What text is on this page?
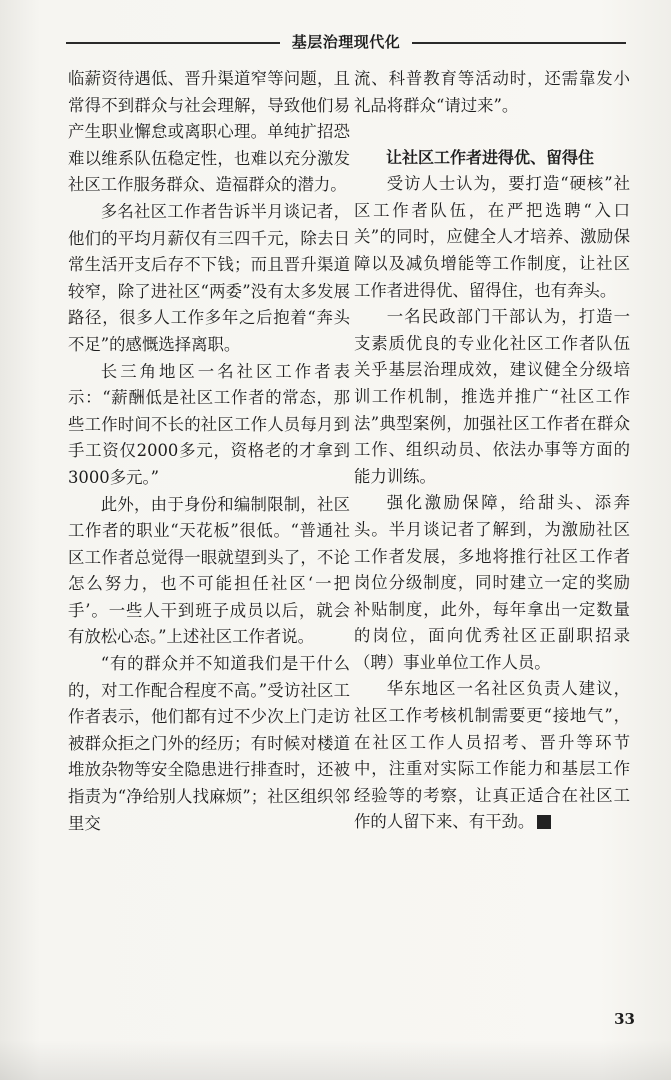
基层治理现代化

临薪资待遇低、晋升渠道窄等问题，且常得不到群众与社会理解，导致他们易产生职业懈怠或离职心理。单纯扩招恐难以维系队伍稳定性，也难以充分激发社区工作服务群众、造福群众的潜力。

多名社区工作者告诉半月谈记者，他们的平均月薪仅有三四千元，除去日常生活开支后存不下钱；而且晋升渠道较窄，除了进社区“两委”没有太多发展路径，很多人工作多年之后抱着“奔头不足”的感慨选择离职。

长三角地区一名社区工作者表示：“薪酬低是社区工作者的常态，那些工作时间不长的社区工作人员每月到手工资仅2000多元，资格老的才拿到3000多元。”

此外，由于身份和编制限制，社区工作者的职业“天花板”很低。“普通社区工作者总觉得一眼就望到头了，不论怎么努力，也不可能担任社区‘一把手’。一些人干到班子成员以后，就会有放松心态。”上述社区工作者说。

“有的群众并不知道我们是干什么的，对工作配合程度不高。”受访社区工作者表示，他们都有过不少次上门走访被群众拒之门外的经历；有时候对楼道堆放杂物等安全隐患进行排查时，还被指责为“净给别人找麻烦”；社区组织邻里交

流、科普教育等活动时，还需靠发小礼品将群众“请过来”。

让社区工作者进得优、留得住

受访人士认为，要打造“硬核”社区工作者队伍，在严把选聘“入口关”的同时，应健全人才培养、激励保障以及减负增能等工作制度，让社区工作者进得优、留得住，也有奔头。

一名民政部门干部认为，打造一支素质优良的专业化社区工作者队伍关乎基层治理成效，建议健全分级培训工作机制，推选并推广“社区工作法”典型案例，加强社区工作者在群众工作、组织动员、依法办事等方面的能力训练。

强化激励保障，给甜头、添奔头。半月谈记者了解到，为激励社区工作者发展，多地将推行社区工作者岗位分级制度，同时建立一定的奖励补贴制度，此外，每年拿出一定数量的岗位，面向优秀社区正副职招录（聘）事业单位工作人员。

华东地区一名社区负责人建议，社区工作考核机制需要更“接地气”，在社区工作人员招考、晋升等环节中，注重对实际工作能力和基层工作经验等的考察，让真正适合在社区工作的人留下来、有干劲。

33
